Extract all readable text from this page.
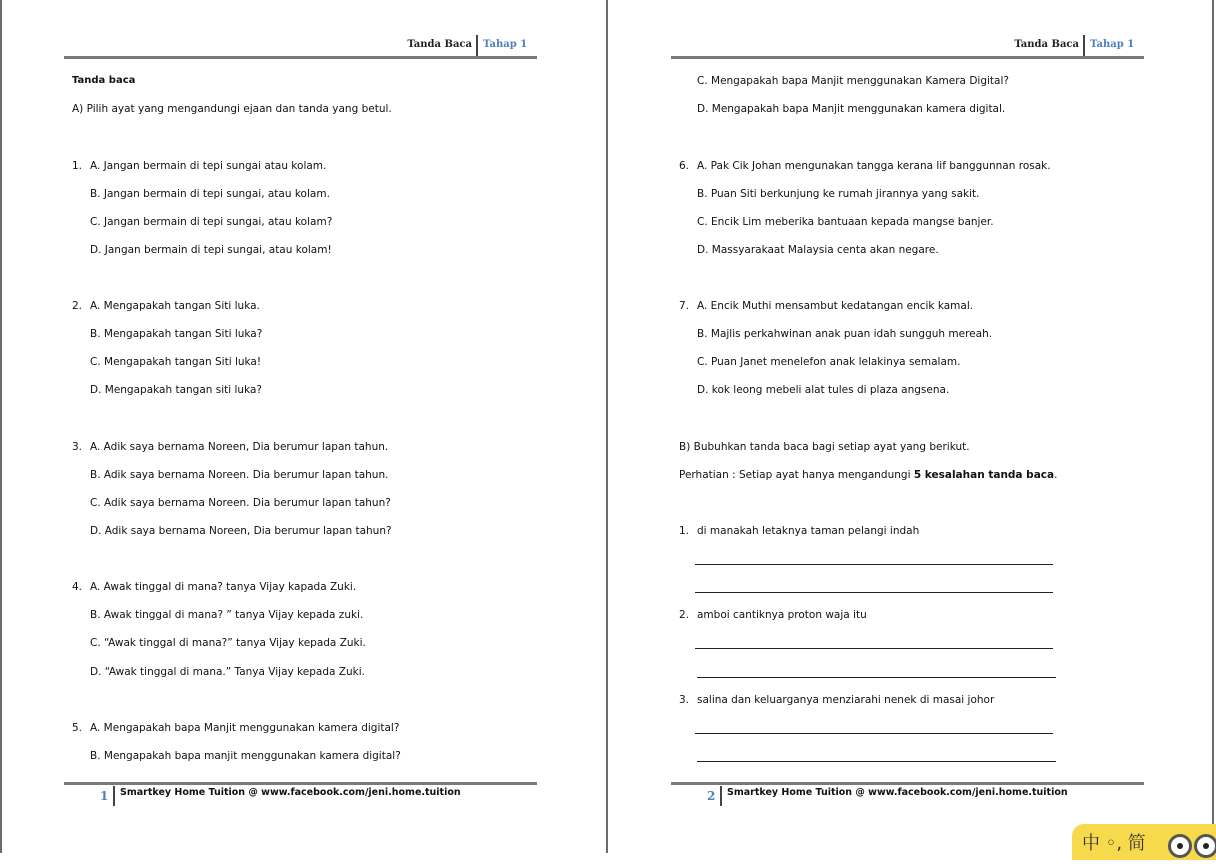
Tanda Baca Tahap 1
Tanda baca
A) Pilih ayat yang mengandungi ejaan dan tanda yang betul.
1. A. Jangan bermain di tepi sungai atau kolam.
B. Jangan bermain di tepi sungai, atau kolam.
C. Jangan bermain di tepi sungai, atau kolam?
D. Jangan bermain di tepi sungai, atau kolam!
2. A. Mengapakah tangan Siti luka.
B. Mengapakah tangan Siti luka?
C. Mengapakah tangan Siti luka!
D. Mengapakah tangan siti luka?
3. A. Adik saya bernama Noreen, Dia berumur lapan tahun.
B. Adik saya bernama Noreen. Dia berumur lapan tahun.
C. Adik saya bernama Noreen. Dia berumur lapan tahun?
D. Adik saya bernama Noreen, Dia berumur lapan tahun?
4. A. Awak tinggal di mana? tanya Vijay kapada Zuki.
B. Awak tinggal di mana? ” tanya Vijay kepada zuki.
C. “Awak tinggal di mana?” tanya Vijay kepada Zuki.
D. “Awak tinggal di mana.” Tanya Vijay kepada Zuki.
5. A. Mengapakah bapa Manjit menggunakan kamera digital?
B. Mengapakah bapa manjit menggunakan kamera digital?
1 Smartkey Home Tuition @ www.facebook.com/jeni.home.tuition
Tanda Baca Tahap 1
C. Mengapakah bapa Manjit menggunakan Kamera Digital?
D. Mengapakah bapa Manjit menggunakan kamera digital.
6. A. Pak Cik Johan mengunakan tangga kerana lif banggunnan rosak.
B. Puan Siti berkunjung ke rumah jirannya yang sakit.
C. Encik Lim meberika bantuaan kepada mangse banjer.
D. Massyarakaat Malaysia centa akan negare.
7. A. Encik Muthi mensambut kedatangan encik kamal.
B. Majlis perkahwinan anak puan idah sungguh mereah.
C. Puan Janet menelefon anak lelakinya semalam.
D. kok leong mebeli alat tules di plaza angsena.
B) Bubuhkan tanda baca bagi setiap ayat yang berikut.
Perhatian : Setiap ayat hanya mengandungi 5 kesalahan tanda baca.
1. di manakah letaknya taman pelangi indah
2. amboi cantiknya proton waja itu
3. salina dan keluarganya menziarahi nenek di masai johor
2 Smartkey Home Tuition @ www.facebook.com/jeni.home.tuition
中 ◦, 简
